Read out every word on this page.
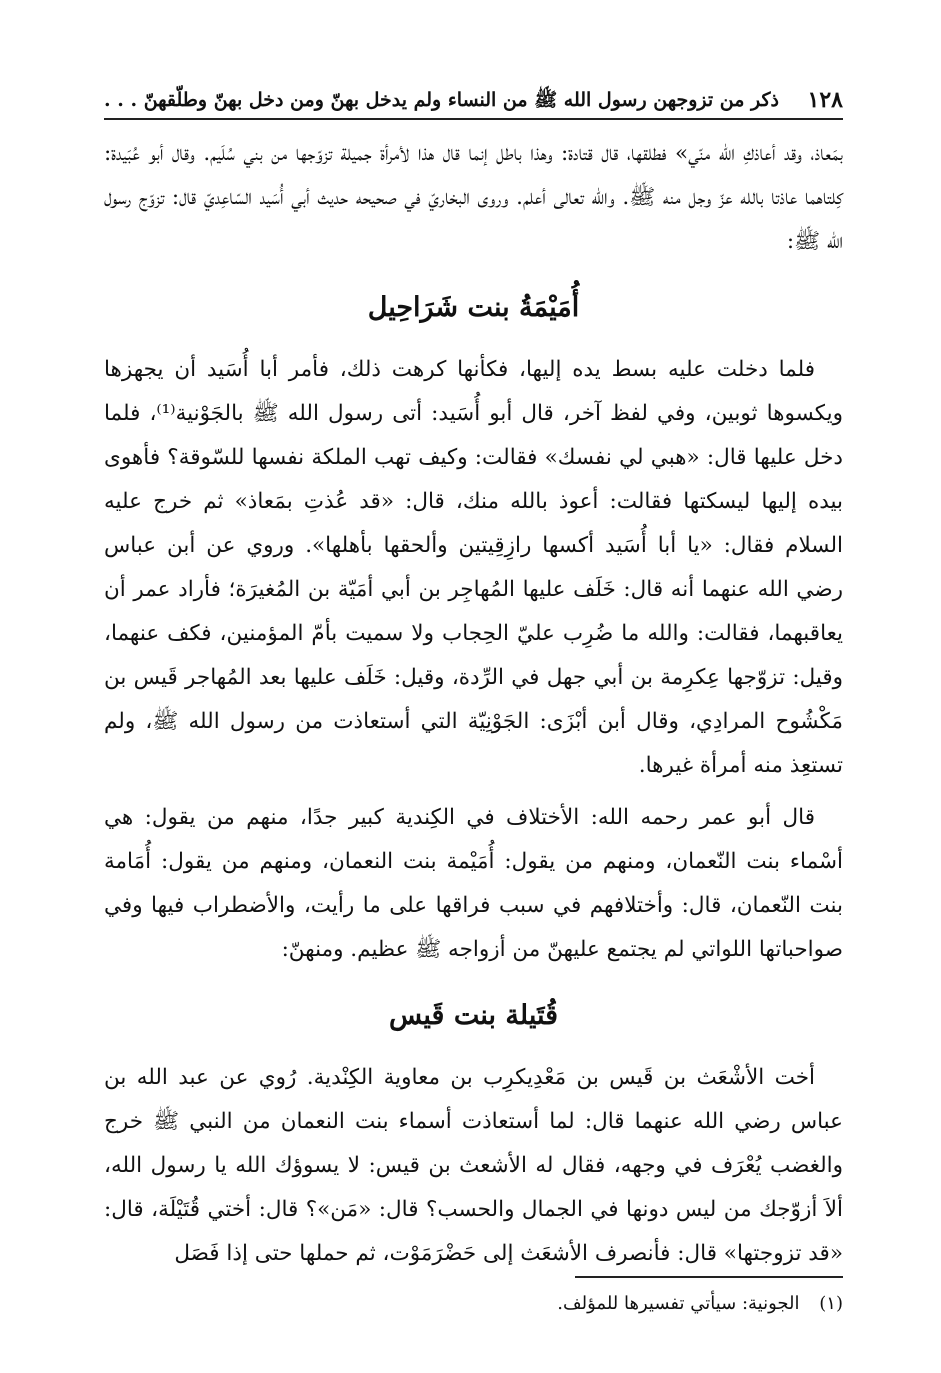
١٢٨
ذكر من تزوجهن رسول الله ﷺ من النساء ولم يدخل بهنّ ومن دخل بهنّ وطلّقهنّ . . .

بمَعاذ، وقد أعاذكِ الله منّي» فطلقها، قال قتادة: وهذا باطل إنما قال هذا لأمرأة جميلة تزوّجها من بني سُلَيم. وقال أبو عُبَيدة: كِلتاهما عاذتا بالله عزّ وجل منه ﷺ. والله تعالى أعلم. وروى البخاريّ في صحيحه حديث أبي أُسَيد السّاعِديّ قال: تزوّج رسول الله ﷺ:

أُمَيْمَةُ بنت شَرَاحِيل

فلما دخلت عليه بسط يده إليها، فكأنها كرهت ذلك، فأمر أبا أُسَيد أن يجهزها ويكسوها ثوبين، وفي لفظ آخر، قال أبو أُسَيد: أتى رسول الله ﷺ بالجَوْنية⁽¹⁾، فلما دخل عليها قال: «هبي لي نفسك» فقالت: وكيف تهب الملكة نفسها للسّوقة؟ فأهوى بيده إليها ليسكتها فقالت: أعوذ بالله منك، قال: «قد عُذتِ بمَعاذ» ثم خرج عليه السلام فقال: «يا أبا أُسَيد أكسها رازِقِيتين وألحقها بأهلها». وروي عن أبن عباس رضي الله عنهما أنه قال: خَلَف عليها المُهاجِر بن أبي أمَيّة بن المُغيرَة؛ فأراد عمر أن يعاقبهما، فقالت: والله ما ضُرِب عليّ الحِجاب ولا سميت بأمّ المؤمنين، فكف عنهما، وقيل: تزوّجها عِكرِمة بن أبي جهل في الرِّدة، وقيل: خَلَف عليها بعد المُهاجر قَيس بن مَكْشُوح المرادِي، وقال أبن أبْزَى: الجَوْنِيّة التي أستعاذت من رسول الله ﷺ، ولم تستعِذ منه أمرأة غيرها.

قال أبو عمر رحمه الله: الأختلاف في الكِندية كبير جدًا، منهم من يقول: هي أسْماء بنت النّعمان، ومنهم من يقول: أُمَيْمة بنت النعمان، ومنهم من يقول: أُمَامة بنت النّعمان، قال: وأختلافهم في سبب فراقها على ما رأيت، والأضطراب فيها وفي صواحباتها اللواتي لم يجتمع عليهنّ من أزواجه ﷺ عظيم. ومنهنّ:

قُتَيلة بنت قَيس

أخت الأشْعَث بن قَيس بن مَعْدِيكرِب بن معاوية الكِنْدية. رُوي عن عبد الله بن عباس رضي الله عنهما قال: لما أستعاذت أسماء بنت النعمان من النبي ﷺ خرج والغضب يُعْرَف في وجهه، فقال له الأشعث بن قيس: لا يسوؤك الله يا رسول الله، ألاَ أزوّجك من ليس دونها في الجمال والحسب؟ قال: «مَن»؟ قال: أختي قُتَيْلَة، قال: «قد تزوجتها» قال: فأنصرف الأشعَث إلى حَضْرَمَوْت، ثم حملها حتى إذا فَصَل

(١) الجونية: سيأتي تفسيرها للمؤلف.
